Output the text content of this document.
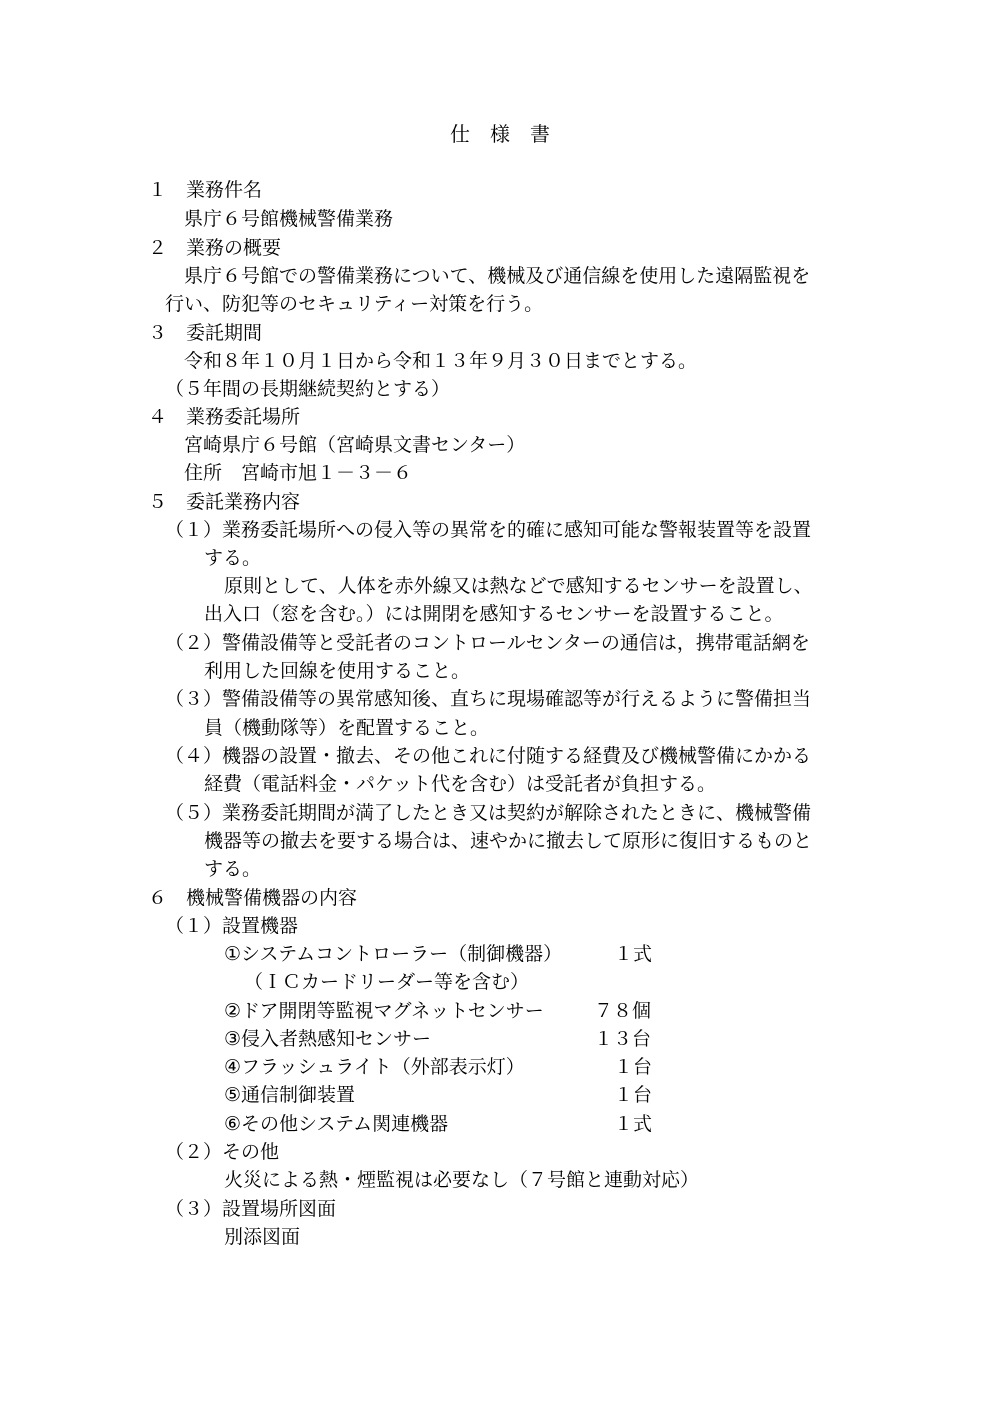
仕　様　書
１　業務件名
県庁６号館機械警備業務
２　業務の概要
県庁６号館での警備業務について、機械及び通信線を使用した遠隔監視を
行い、防犯等のセキュリティー対策を行う。
３　委託期間
令和８年１０月１日から令和１３年９月３０日までとする。
（５年間の長期継続契約とする）
４　業務委託場所
宮崎県庁６号館（宮崎県文書センター）
住所　宮崎市旭１－３－６
５　委託業務内容
（１）業務委託場所への侵入等の異常を的確に感知可能な警報装置等を設置
する。
原則として、人体を赤外線又は熱などで感知するセンサーを設置し、
出入口（窓を含む。）には開閉を感知するセンサーを設置すること。
（２）警備設備等と受託者のコントロールセンターの通信は，携帯電話網を
利用した回線を使用すること。
（３）警備設備等の異常感知後、直ちに現場確認等が行えるように警備担当
員（機動隊等）を配置すること。
（４）機器の設置・撤去、その他これに付随する経費及び機械警備にかかる
経費（電話料金・パケット代を含む）は受託者が負担する。
（５）業務委託期間が満了したとき又は契約が解除されたときに、機械警備
機器等の撤去を要する場合は、速やかに撤去して原形に復旧するものと
する。
６　機械警備機器の内容
（１）設置機器
①システムコントローラー（制御機器）	１式
（ＩＣカードリーダー等を含む）
②ドア開閉等監視マグネットセンサー	７８個
③侵入者熱感知センサー	１３台
④フラッシュライト（外部表示灯）	１台
⑤通信制御装置	１台
⑥その他システム関連機器	１式
（２）その他
火災による熱・煙監視は必要なし（７号館と連動対応）
（３）設置場所図面
別添図面
